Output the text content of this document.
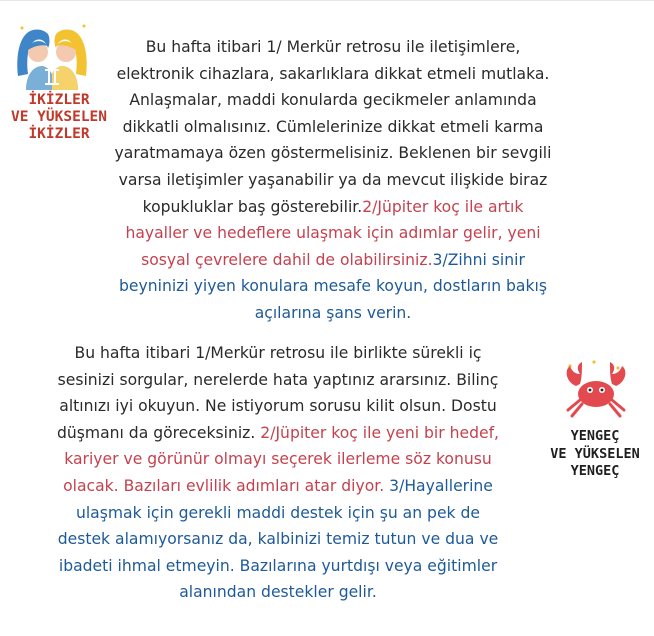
İKİZLER
VE YÜKSELEN
İKİZLER
Bu hafta itibari 1/ Merkür retrosu ile iletişimlere,
elektronik cihazlara, sakarlıklara dikkat etmeli mutlaka.
Anlaşmalar, maddi konularda gecikmeler anlamında
dikkatli olmalısınız. Cümlelerinize dikkat etmeli karma
yaratmamaya özen göstermelisiniz. Beklenen bir sevgili
varsa iletişimler yaşanabilir ya da mevcut ilişkide biraz
kopukluklar baş gösterebilir.2/Jüpiter koç ile artık
hayaller ve hedeflere ulaşmak için adımlar gelir, yeni
sosyal çevrelere dahil de olabilirsiniz.3/Zihni sinir
beyninizi yiyen konulara mesafe koyun, dostların bakış
açılarına şans verin.
YENGEÇ
VE YÜKSELEN
YENGEÇ
Bu hafta itibari 1/Merkür retrosu ile birlikte sürekli iç
sesinizi sorgular, nerelerde hata yaptınız ararsınız. Bilinç
altınızı iyi okuyun. Ne istiyorum sorusu kilit olsun. Dostu
düşmanı da göreceksiniz. 2/Jüpiter koç ile yeni bir hedef,
kariyer ve görünür olmayı seçerek ilerleme söz konusu
olacak. Bazıları evlilik adımları atar diyor. 3/Hayallerine
ulaşmak için gerekli maddi destek için şu an pek de
destek alamıyorsanız da, kalbinizi temiz tutun ve dua ve
ibadeti ihmal etmeyin. Bazılarına yurtdışı veya eğitimler
alanından destekler gelir.
